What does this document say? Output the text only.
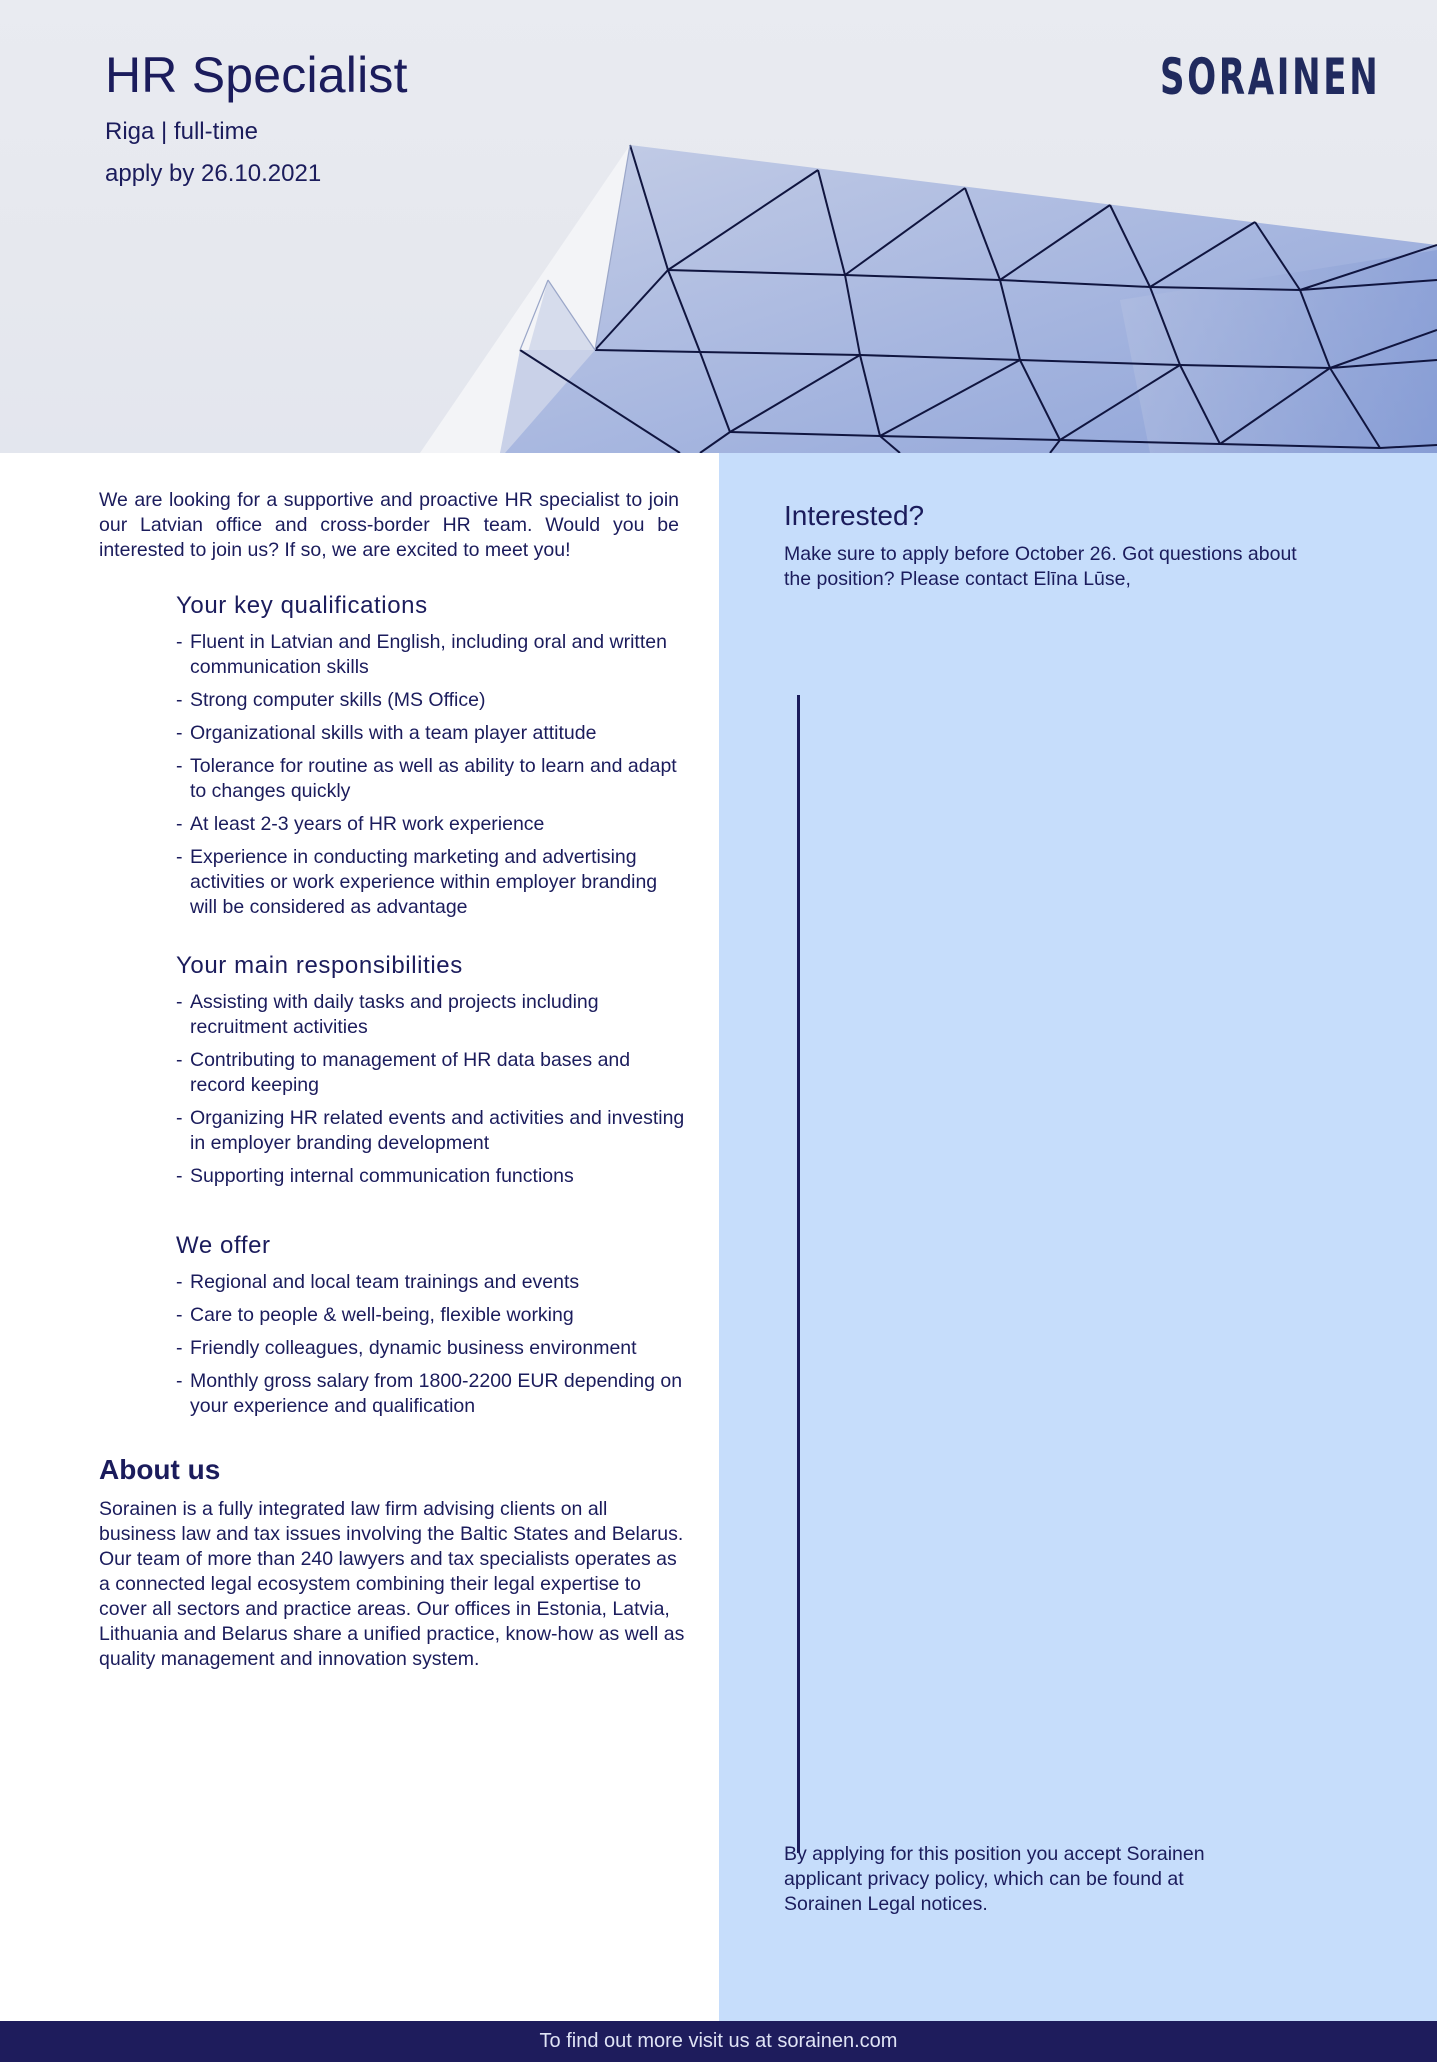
HR Specialist
Riga | full-time
apply by 26.10.2021
SORAINEN
Interested?
Make sure to apply before October 26. Got questions about the position? Please contact Elīna Lūse,
By applying for this position you accept Sorainen applicant privacy policy, which can be found at Sorainen Legal notices.

We are looking for a supportive and proactive HR specialist to join our Latvian office and cross-border HR team. Would you be interested to join us? If so, we are excited to meet you!

Your key qualifications
- Fluent in Latvian and English, including oral and written communication skills
- Strong computer skills (MS Office)
- Organizational skills with a team player attitude
- Tolerance for routine as well as ability to learn and adapt to changes quickly
- At least 2-3 years of HR work experience
- Experience in conducting marketing and advertising activities or work experience within employer branding will be considered as advantage
Your main responsibilities
- Assisting with daily tasks and projects including recruitment activities
- Contributing to management of HR data bases and record keeping
- Organizing HR related events and activities and investing in employer branding development
- Supporting internal communication functions
We offer
- Regional and local team trainings and events
- Care to people & well-being, flexible working
- Friendly colleagues, dynamic business environment
- Monthly gross salary from 1800-2200 EUR depending on your experience and qualification
About us

Sorainen is a fully integrated law firm advising clients on all business law and tax issues involving the Baltic States and Belarus. Our team of more than 240 lawyers and tax specialists operates as a connected legal ecosystem combining their legal expertise to cover all sectors and practice areas. Our offices in Estonia, Latvia, Lithuania and Belarus share a unified practice, know-how as well as quality management and innovation system.

To find out more visit us at sorainen.com
